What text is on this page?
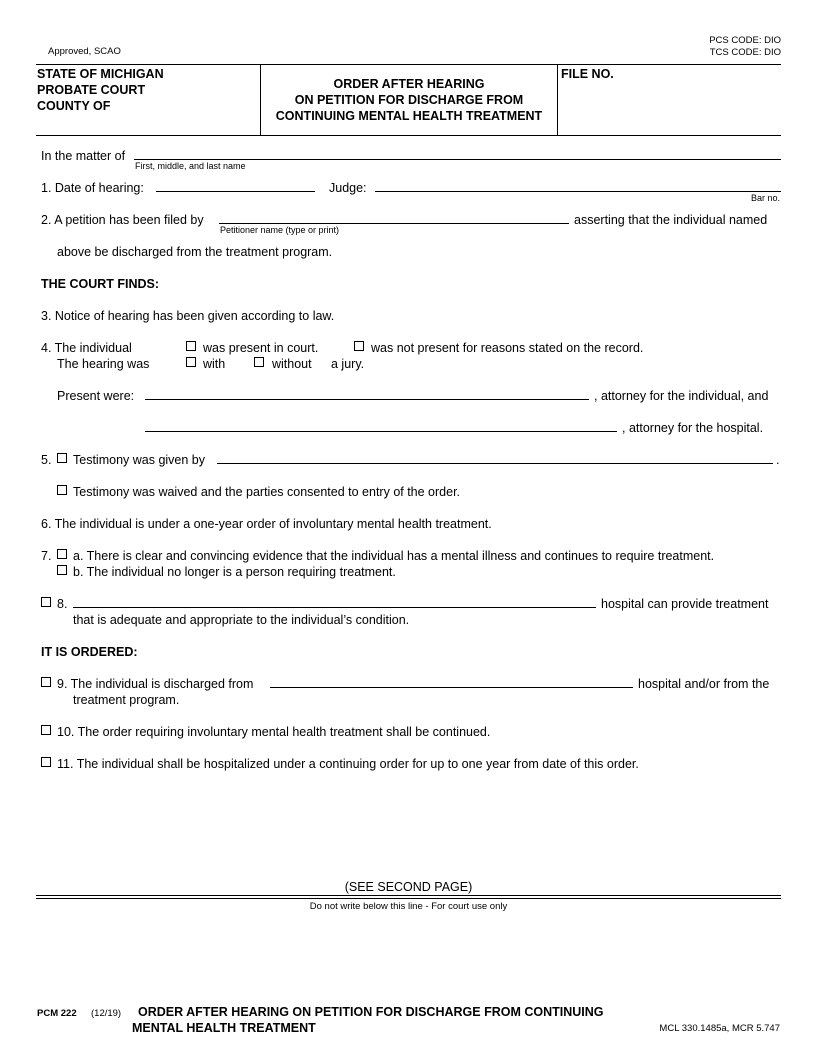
Approved, SCAO
PCS CODE: DIO
TCS CODE: DIO
STATE OF MICHIGAN
PROBATE COURT
COUNTY OF
ORDER AFTER HEARING
ON PETITION FOR DISCHARGE FROM
CONTINUING MENTAL HEALTH TREATMENT
FILE NO.
In the matter of
First, middle, and last name
1. Date of hearing:	Judge:
Bar no.
2. A petition has been filed by
Petitioner name (type or print)
asserting that the individual named
above be discharged from the treatment program.
THE COURT FINDS:
3. Notice of hearing has been given according to law.
4. The individual	was present in court.	was not present for reasons stated on the record.
The hearing was	with	without a jury.
Present were:	, attorney for the individual, and
, attorney for the hospital.
5. Testimony was given by	.
Testimony was waived and the parties consented to entry of the order.
6. The individual is under a one-year order of involuntary mental health treatment.
7. a. There is clear and convincing evidence that the individual has a mental illness and continues to require treatment.
b. The individual no longer is a person requiring treatment.
8.	hospital can provide treatment
that is adequate and appropriate to the individual’s condition.
IT IS ORDERED:
9. The individual is discharged from	hospital and/or from the
treatment program.
10. The order requiring involuntary mental health treatment shall be continued.
11. The individual shall be hospitalized under a continuing order for up to one year from date of this order.
(SEE SECOND PAGE)
Do not write below this line - For court use only
PCM 222 (12/19) ORDER AFTER HEARING ON PETITION FOR DISCHARGE FROM CONTINUING
MENTAL HEALTH TREATMENT	MCL 330.1485a, MCR 5.747
